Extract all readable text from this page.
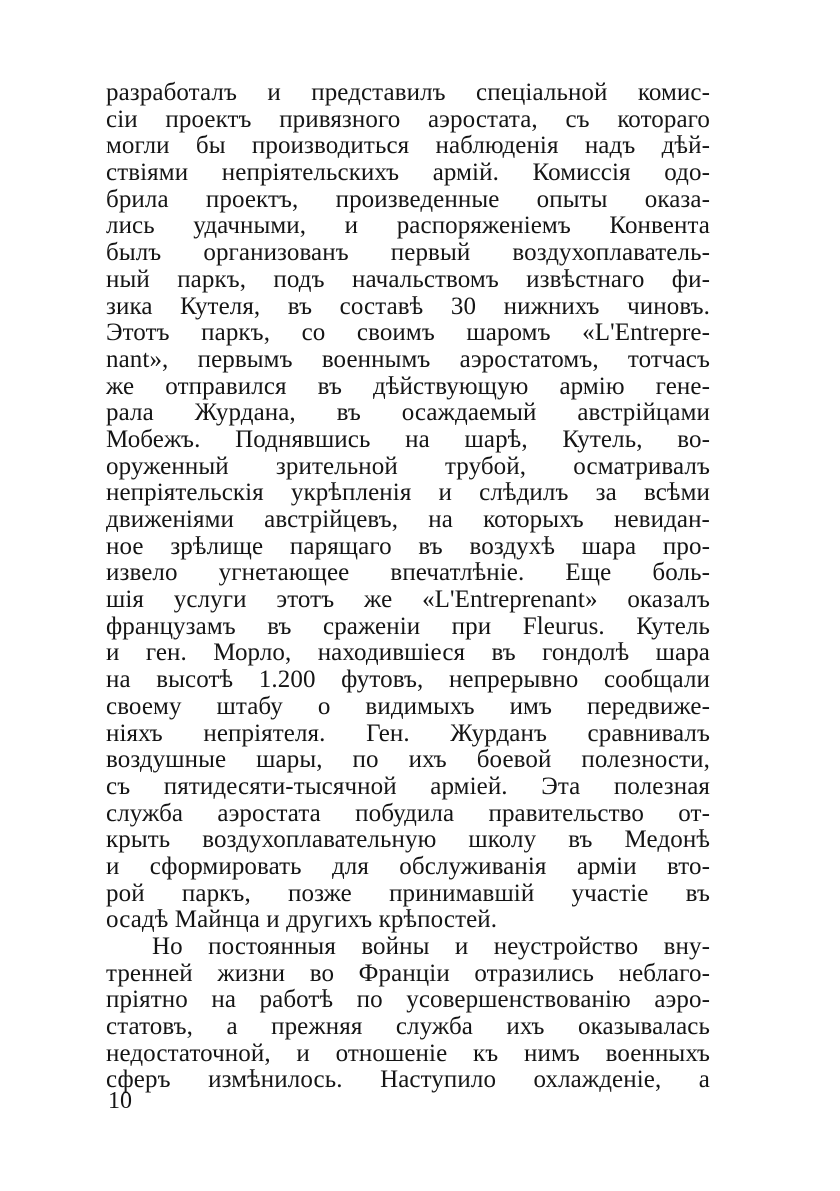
разработалъ и представилъ спеціальной комис-
сіи проектъ привязного аэростата, съ котораго
могли бы производиться наблюденія надъ дѣй-
ствіями непріятельскихъ армій. Комиссія одо-
брила проектъ, произведенные опыты оказа-
лись удачными, и распоряженіемъ Конвента
былъ организованъ первый воздухоплаватель-
ный паркъ, подъ начальствомъ извѣстнаго фи-
зика Кутеля, въ составѣ 30 нижнихъ чиновъ.
Этотъ паркъ, со своимъ шаромъ «L'Entrepre-
nant», первымъ военнымъ аэростатомъ, тотчасъ
же отправился въ дѣйствующую армію гене-
рала Журдана, въ осаждаемый австрійцами
Мобежъ. Поднявшись на шарѣ, Кутель, во-
оруженный зрительной трубой, осматривалъ
непріятельскія укрѣпленія и слѣдилъ за всѣми
движеніями австрійцевъ, на которыхъ невидан-
ное зрѣлище парящаго въ воздухѣ шара про-
извело угнетающее впечатлѣніе. Еще боль-
шія услуги этотъ же «L'Entreprenant» оказалъ
французамъ въ сраженіи при Fleurus. Кутель
и ген. Морло, находившіеся въ гондолѣ шара
на высотѣ 1.200 футовъ, непрерывно сообщали
своему штабу о видимыхъ имъ передвиже-
ніяхъ непріятеля. Ген. Журданъ сравнивалъ
воздушные шары, по ихъ боевой полезности,
съ пятидесяти-тысячной арміей. Эта полезная
служба аэростата побудила правительство от-
крыть воздухоплавательную школу въ Медонѣ
и сформировать для обслуживанія арміи вто-
рой паркъ, позже принимавшій участіе въ
осадѣ Майнца и другихъ крѣпостей.
Но постоянныя войны и неустройство вну-
тренней жизни во Франціи отразились неблаго-
пріятно на работѣ по усовершенствованію аэро-
статовъ, а прежняя служба ихъ оказывалась
недостаточной, и отношеніе къ нимъ военныхъ
сферъ измѣнилось. Наступило охлажденіе, а
10
